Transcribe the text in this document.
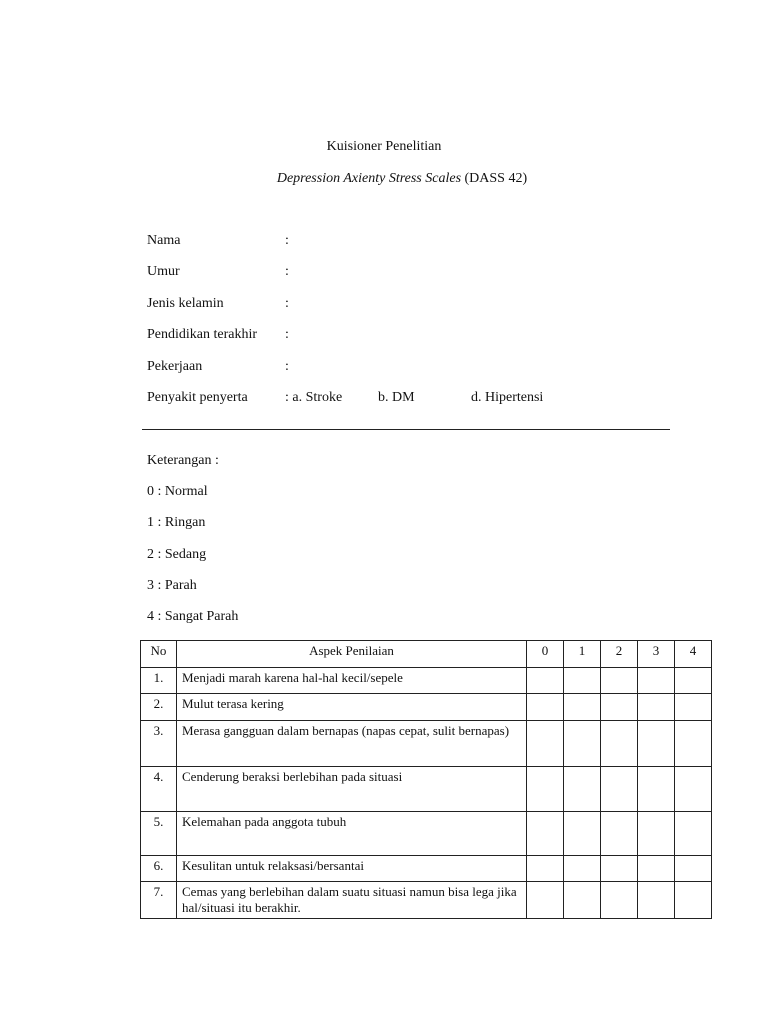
Kuisioner Penelitian
Depression Axienty Stress Scales (DASS 42)
Nama	:
Umur	:
Jenis kelamin	:
Pendidikan terakhir :
Pekerjaan	:
Penyakit penyerta	: a. Stroke	b. DM	d. Hipertensi
Keterangan :
0 : Normal
1 : Ringan
2 : Sedang
3 : Parah
4 : Sangat Parah
No	Aspek Penilaian	0	1	2	3	4
1.	Menjadi marah karena hal-hal kecil/sepele					
2.	Mulut terasa kering					
3.	Merasa gangguan dalam bernapas (napas cepat, sulit bernapas)					
4.	Cenderung beraksi berlebihan pada situasi					
5.	Kelemahan pada anggota tubuh					
6.	Kesulitan untuk relaksasi/bersantai					
7.	Cemas yang berlebihan dalam suatu situasi namun bisa lega jika hal/situasi itu berakhir.					
